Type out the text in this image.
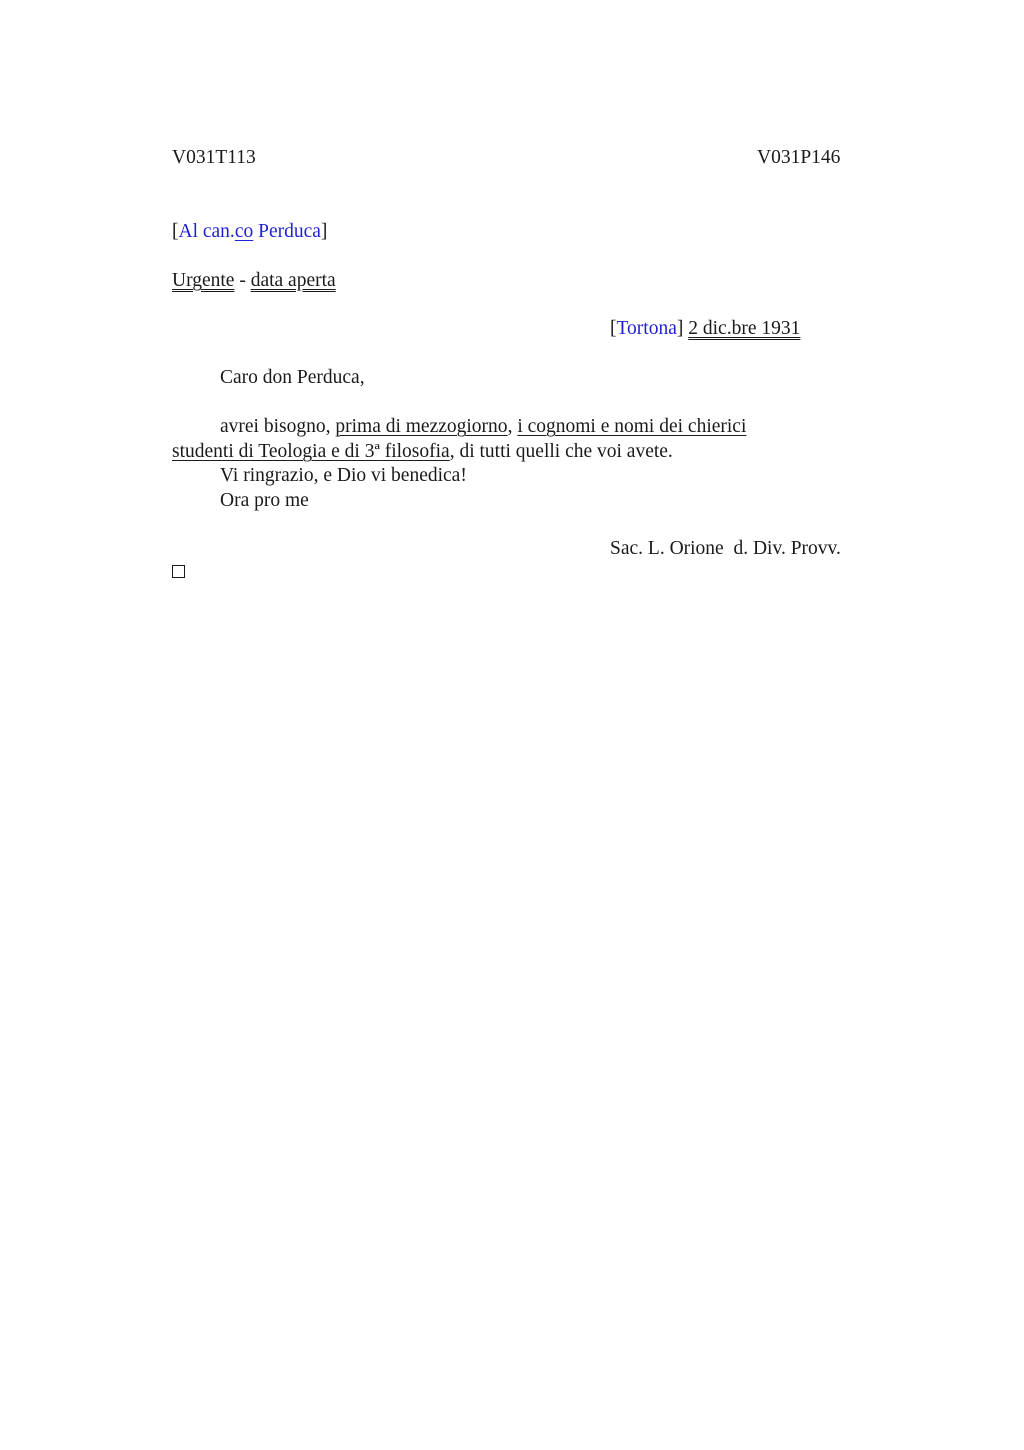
V031T113	V031P146
[Al can.co Perduca]
Urgente - data aperta
[Tortona] 2 dic.bre 1931
Caro don Perduca,
avrei bisogno, prima di mezzogiorno, i cognomi e nomi dei chierici
studenti di Teologia e di 3ª filosofia, di tutti quelli che voi avete.
Vi ringrazio, e Dio vi benedica!
Ora pro me
Sac. L. Orione  d. Div. Provv.
